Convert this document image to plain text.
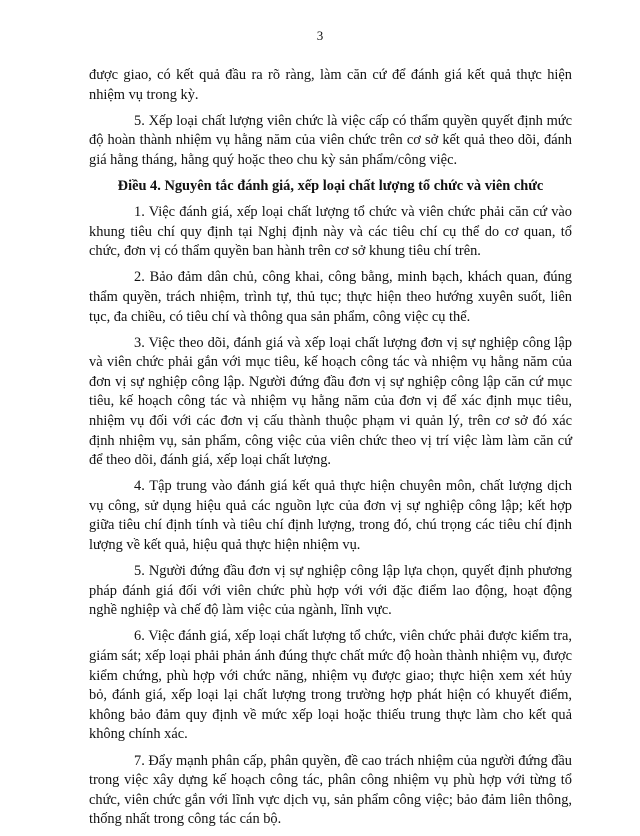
3

được giao, có kết quả đầu ra rõ ràng, làm căn cứ để đánh giá kết quả thực hiện nhiệm vụ trong kỳ.

5. Xếp loại chất lượng viên chức là việc cấp có thẩm quyền quyết định mức độ hoàn thành nhiệm vụ hằng năm của viên chức trên cơ sở kết quả theo dõi, đánh giá hằng tháng, hằng quý hoặc theo chu kỳ sản phẩm/công việc.

Điều 4. Nguyên tắc đánh giá, xếp loại chất lượng tổ chức và viên chức

1. Việc đánh giá, xếp loại chất lượng tổ chức và viên chức phải căn cứ vào khung tiêu chí quy định tại Nghị định này và các tiêu chí cụ thể do cơ quan, tổ chức, đơn vị có thẩm quyền ban hành trên cơ sở khung tiêu chí trên.

2. Bảo đảm dân chủ, công khai, công bằng, minh bạch, khách quan, đúng thẩm quyền, trách nhiệm, trình tự, thủ tục; thực hiện theo hướng xuyên suốt, liên tục, đa chiều, có tiêu chí và thông qua sản phẩm, công việc cụ thể.

3. Việc theo dõi, đánh giá và xếp loại chất lượng đơn vị sự nghiệp công lập và viên chức phải gắn với mục tiêu, kế hoạch công tác và nhiệm vụ hằng năm của đơn vị sự nghiệp công lập. Người đứng đầu đơn vị sự nghiệp công lập căn cứ mục tiêu, kế hoạch công tác và nhiệm vụ hằng năm của đơn vị để xác định mục tiêu, nhiệm vụ đối với các đơn vị cấu thành thuộc phạm vi quản lý, trên cơ sở đó xác định nhiệm vụ, sản phẩm, công việc của viên chức theo vị trí việc làm làm căn cứ để theo dõi, đánh giá, xếp loại chất lượng.

4. Tập trung vào đánh giá kết quả thực hiện chuyên môn, chất lượng dịch vụ công, sử dụng hiệu quả các nguồn lực của đơn vị sự nghiệp công lập; kết hợp giữa tiêu chí định tính và tiêu chí định lượng, trong đó, chú trọng các tiêu chí định lượng về kết quả, hiệu quả thực hiện nhiệm vụ.

5. Người đứng đầu đơn vị sự nghiệp công lập lựa chọn, quyết định phương pháp đánh giá đối với viên chức phù hợp với với đặc điểm lao động, hoạt động nghề nghiệp và chế độ làm việc của ngành, lĩnh vực.

6. Việc đánh giá, xếp loại chất lượng tổ chức, viên chức phải được kiểm tra, giám sát; xếp loại phải phản ánh đúng thực chất mức độ hoàn thành nhiệm vụ, được kiểm chứng, phù hợp với chức năng, nhiệm vụ được giao; thực hiện xem xét hủy bỏ, đánh giá, xếp loại lại chất lượng trong trường hợp phát hiện có khuyết điểm, không bảo đảm quy định về mức xếp loại hoặc thiếu trung thực làm cho kết quả không chính xác.

7. Đẩy mạnh phân cấp, phân quyền, đề cao trách nhiệm của người đứng đầu trong việc xây dựng kế hoạch công tác, phân công nhiệm vụ phù hợp với từng tổ chức, viên chức gắn với lĩnh vực dịch vụ, sản phẩm công việc; bảo đảm liên thông, thống nhất trong công tác cán bộ.
